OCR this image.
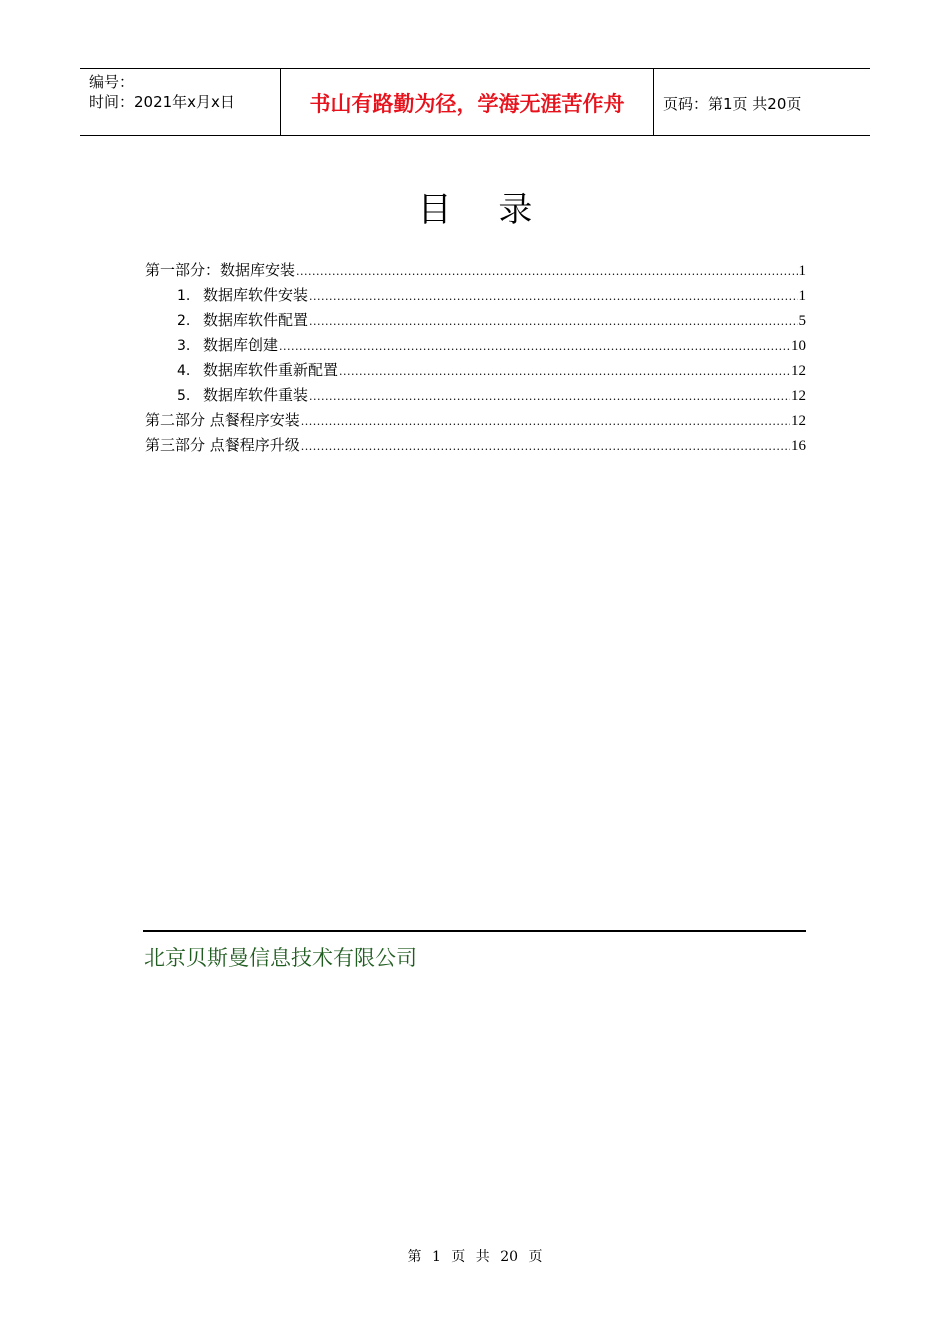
编号：
时间：2021年x月x日	书山有路勤为径，学海无涯苦作舟	页码：第1页 共20页
目 录
第一部分：数据库安装 .....	1
1. 数据库软件安装 .....	1
2. 数据库软件配置 .....	5
3. 数据库创建 .....	10
4. 数据库软件重新配置 .....	12
5. 数据库软件重装 .....	12
第二部分 点餐程序安装 .....	12
第三部分 点餐程序升级 .....	16
北京贝斯曼信息技术有限公司
第 1 页 共 20 页
